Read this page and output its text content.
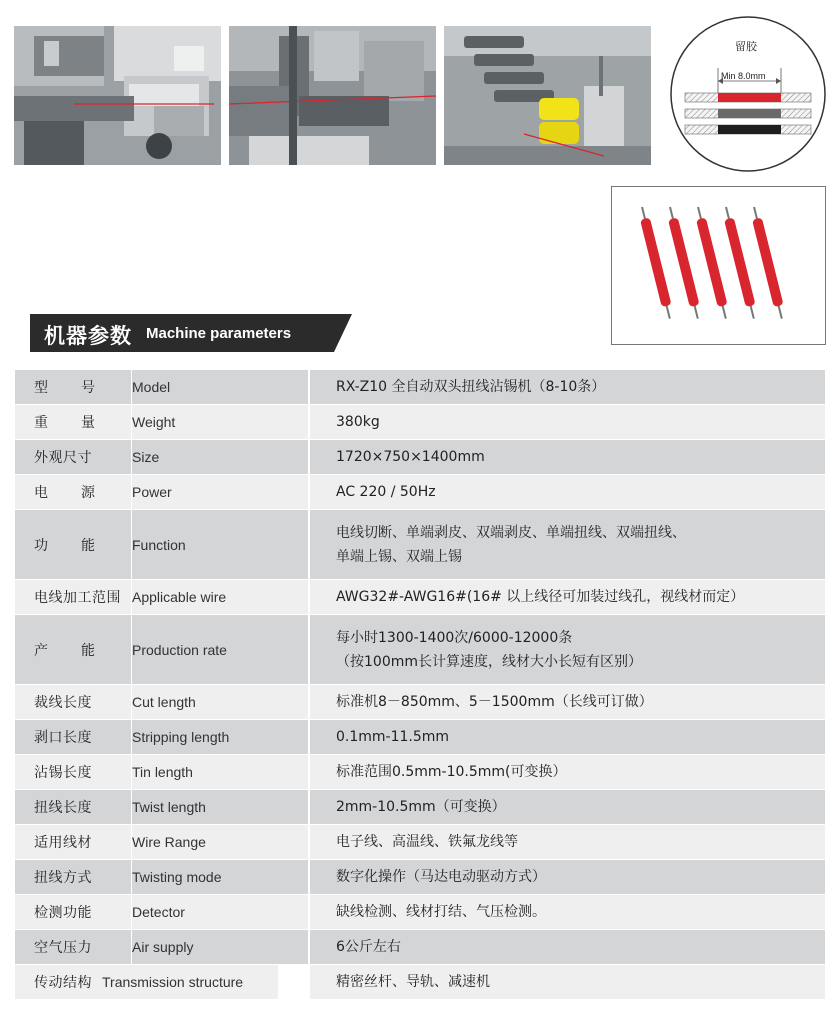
留胶
Min 8.0mm
机器参数 Machine parameters
型号	Model	RX-Z10 全自动双头扭线沾锡机（8-10条）

重量	Weight	380kg

外观尺寸	Size	1720×750×1400mm

电源	Power	AC 220 / 50Hz

功能	Function	电线切断、单端剥皮、双端剥皮、单端扭线、双端扭线、
单端上锡、双端上锡

电线加工范围	Applicable wire	AWG32#-AWG16#(16# 以上线径可加装过线孔，视线材而定）

产能	Production rate	每小时1300-1400次/6000-12000条
（按100mm长计算速度，线材大小长短有区别）

裁线长度	Cut length	标准机8－850mm、5－1500mm（长线可订做）

剥口长度	Stripping length	0.1mm-11.5mm

沾锡长度	Tin length	标准范围0.5mm-10.5mm(可变换）

扭线长度	Twist length	2mm-10.5mm（可变换）

适用线材	Wire Range	电子线、高温线、铁氟龙线等

扭线方式	Twisting mode	数字化操作（马达电动驱动方式）

检测功能	Detector	缺线检测、线材打结、气压检测。

空气压力	Air supply	6公斤左右

传动结构	Transmission structure	精密丝杆、导轨、减速机
